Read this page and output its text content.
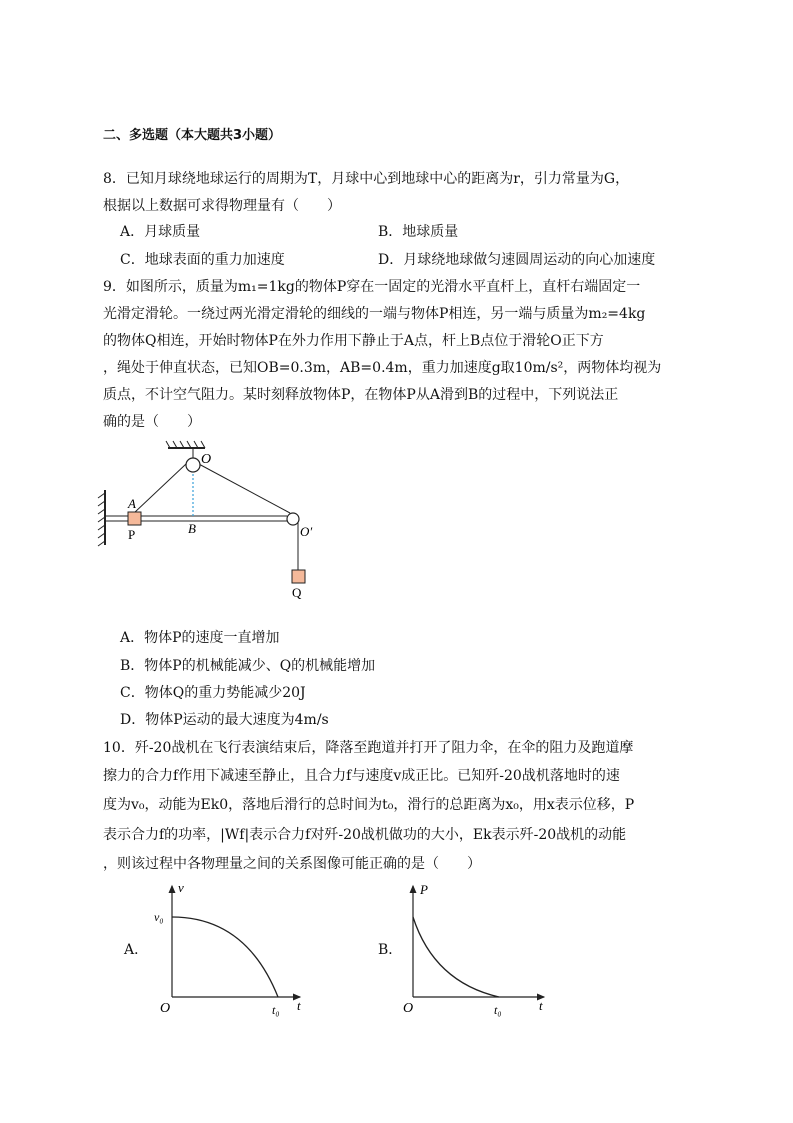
二、多选题（本大题共3小题）
8．已知月球绕地球运行的周期为T，月球中心到地球中心的距离为r，引力常量为G，
根据以上数据可求得物理量有（　　）
A．月球质量	B．地球质量
C．地球表面的重力加速度	D．月球绕地球做匀速圆周运动的向心加速度
9．如图所示，质量为m₁=1kg的物体P穿在一固定的光滑水平直杆上，直杆右端固定一
光滑定滑轮。一绕过两光滑定滑轮的细线的一端与物体P相连，另一端与质量为m₂=4kg
的物体Q相连，开始时物体P在外力作用下静止于A点，杆上B点位于滑轮O正下方
，绳处于伸直状态，已知OB=0.3m，AB=0.4m，重力加速度g取10m/s²，两物体均视为
质点，不计空气阻力。某时刻释放物体P，在物体P从A滑到B的过程中，下列说法正
确的是（　　）
O
A
P	B	O′
Q
A．物体P的速度一直增加
B．物体P的机械能减少、Q的机械能增加
C．物体Q的重力势能减少20J
D．物体P运动的最大速度为4m/s
10．歼-20战机在飞行表演结束后，降落至跑道并打开了阻力伞，在伞的阻力及跑道摩
擦力的合力f作用下减速至静止，且合力f与速度v成正比。已知歼-20战机落地时的速
度为v₀，动能为Ek0，落地后滑行的总时间为t₀，滑行的总距离为x₀，用x表示位移，P
表示合力f的功率，|Wf|表示合力f对歼-20战机做功的大小，Ek表示歼-20战机的动能
，则该过程中各物理量之间的关系图像可能正确的是（　　）
A．
v
t
O
v₀
t₀
B．
P
t
O	t₀
